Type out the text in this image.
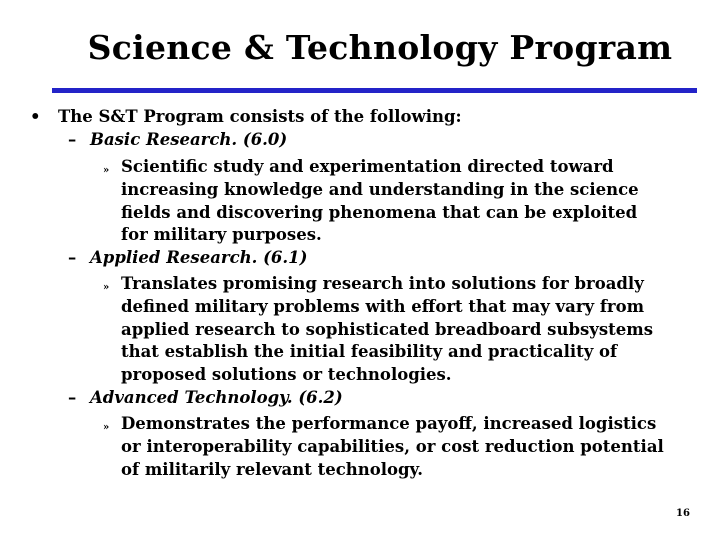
Science & Technology Program
• The S&T Program consists of the following:
– Basic Research. (6.0)
» Scientific study and experimentation directed toward
increasing knowledge and understanding in the science
fields and discovering phenomena that can be exploited
for military purposes.
– Applied Research. (6.1)
» Translates promising research into solutions for broadly
defined military problems with effort that may vary from
applied research to sophisticated breadboard subsystems
that establish the initial feasibility and practicality of
proposed solutions or technologies.
– Advanced Technology. (6.2)
» Demonstrates the performance payoff, increased logistics
or interoperability capabilities, or cost reduction potential
of militarily relevant technology.
16
